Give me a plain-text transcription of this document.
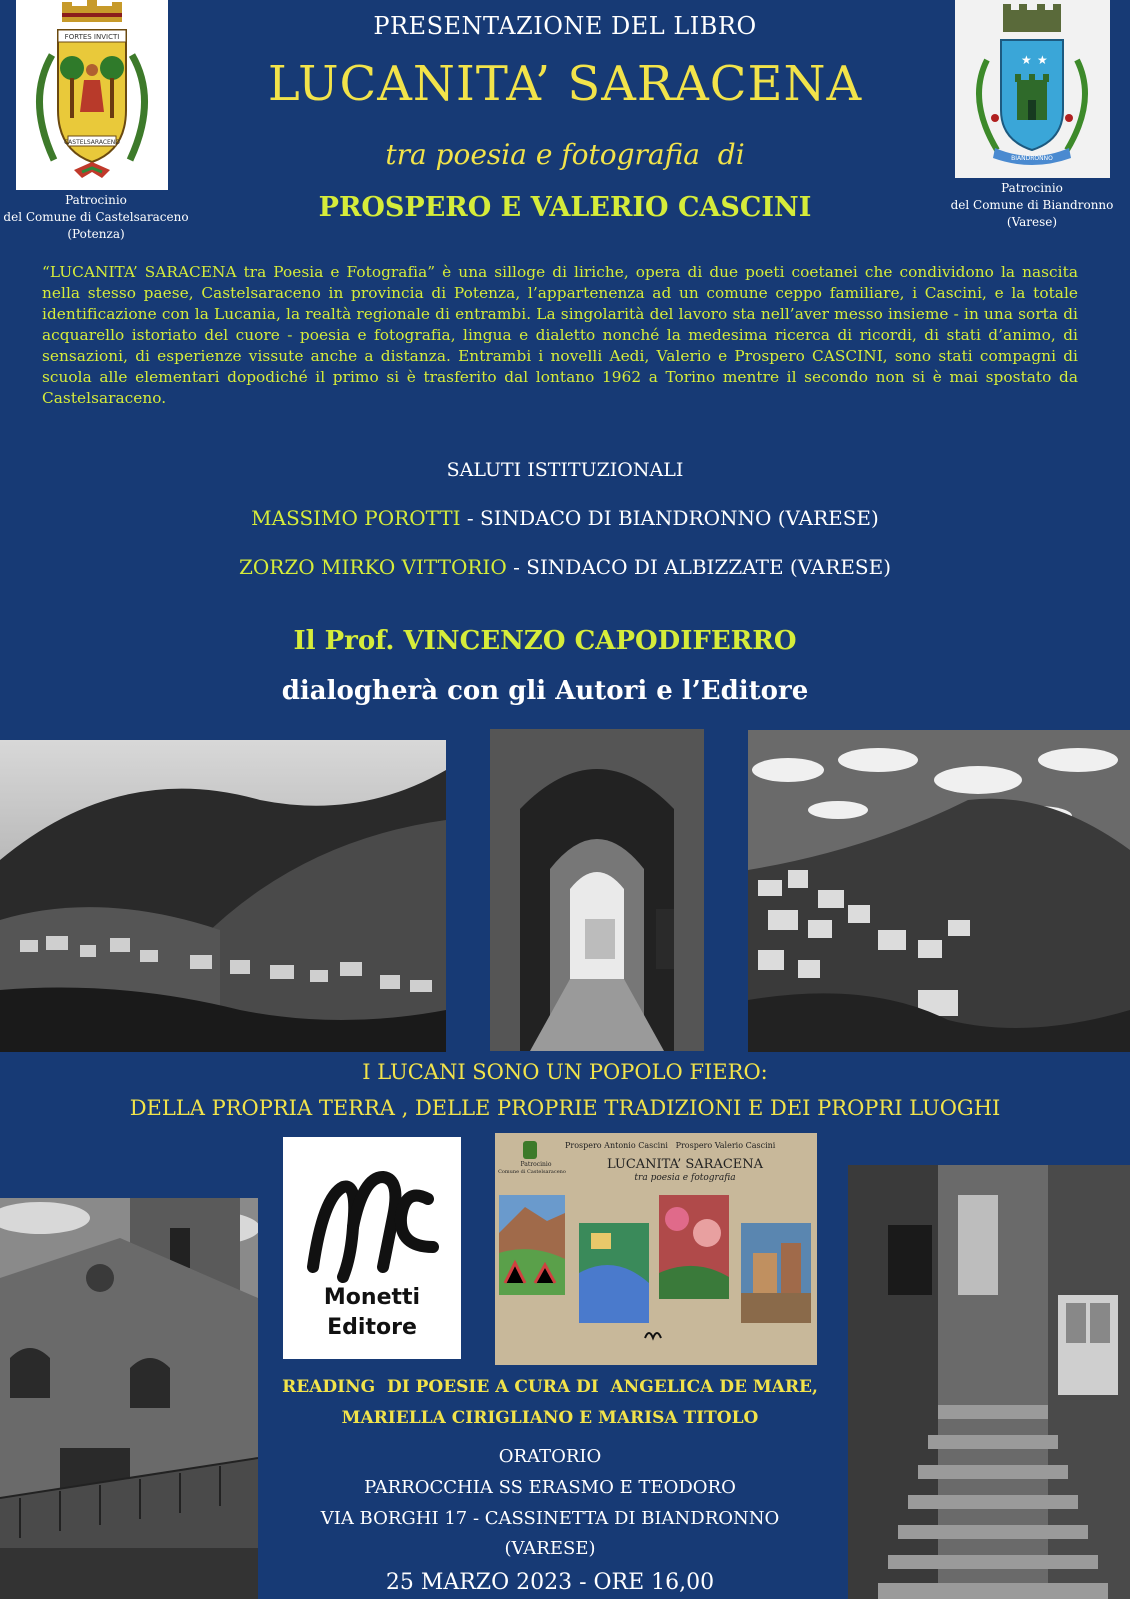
FORTES INVICTI
CASTELSARACENO
Patrocinio
del Comune di Castelsaraceno
(Potenza)
★ ★
BIANDRONNO
Patrocinio
del Comune di Biandronno
(Varese)
PRESENTAZIONE DEL LIBRO
LUCANITA’ SARACENA
tra poesia e fotografia  di
PROSPERO E VALERIO CASCINI
“LUCANITA’ SARACENA tra Poesia e Fotografia” è una silloge di liriche, opera di due poeti coetanei che condividono la nascita nella stesso paese, Castelsaraceno in provincia di Potenza, l’appartenenza ad un comune ceppo familiare, i Cascini, e la totale identificazione con la Lucania, la realtà regionale di entrambi. La singolarità del lavoro sta nell’aver messo insieme - in una sorta di acquarello istoriato del cuore - poesia e fotografia, lingua e dialetto nonché la medesima ricerca di ricordi, di stati d’animo, di sensazioni, di esperienze vissute anche a distanza. Entrambi i novelli Aedi, Valerio e Prospero CASCINI, sono stati compagni di scuola alle elementari dopodiché il primo si è trasferito dal lontano 1962 a Torino mentre il secondo non si è mai spostato da Castelsaraceno.
SALUTI ISTITUZIONALI
MASSIMO POROTTI - SINDACO DI BIANDRONNO (VARESE)
ZORZO MIRKO VITTORIO - SINDACO DI ALBIZZATE (VARESE)
Il Prof. VINCENZO CAPODIFERRO
dialogherà con gli Autori e l’Editore
I LUCANI SONO UN POPOLO FIERO:
DELLA PROPRIA TERRA , DELLE PROPRIE TRADIZIONI E DEI PROPRI LUOGHI
Monetti
Editore
Prospero Antonio Cascini   Prospero Valerio Cascini
Patrocinio
Comune di Castelsaraceno	LUCANITA’ SARACENA
tra poesia e fotografia
READING  DI POESIE A CURA DI  ANGELICA DE MARE,
MARIELLA CIRIGLIANO E MARISA TITOLO
ORATORIO
PARROCCHIA SS ERASMO E TEODORO
VIA BORGHI 17 - CASSINETTA DI BIANDRONNO
(VARESE)
25 MARZO 2023 - ORE 16,00
